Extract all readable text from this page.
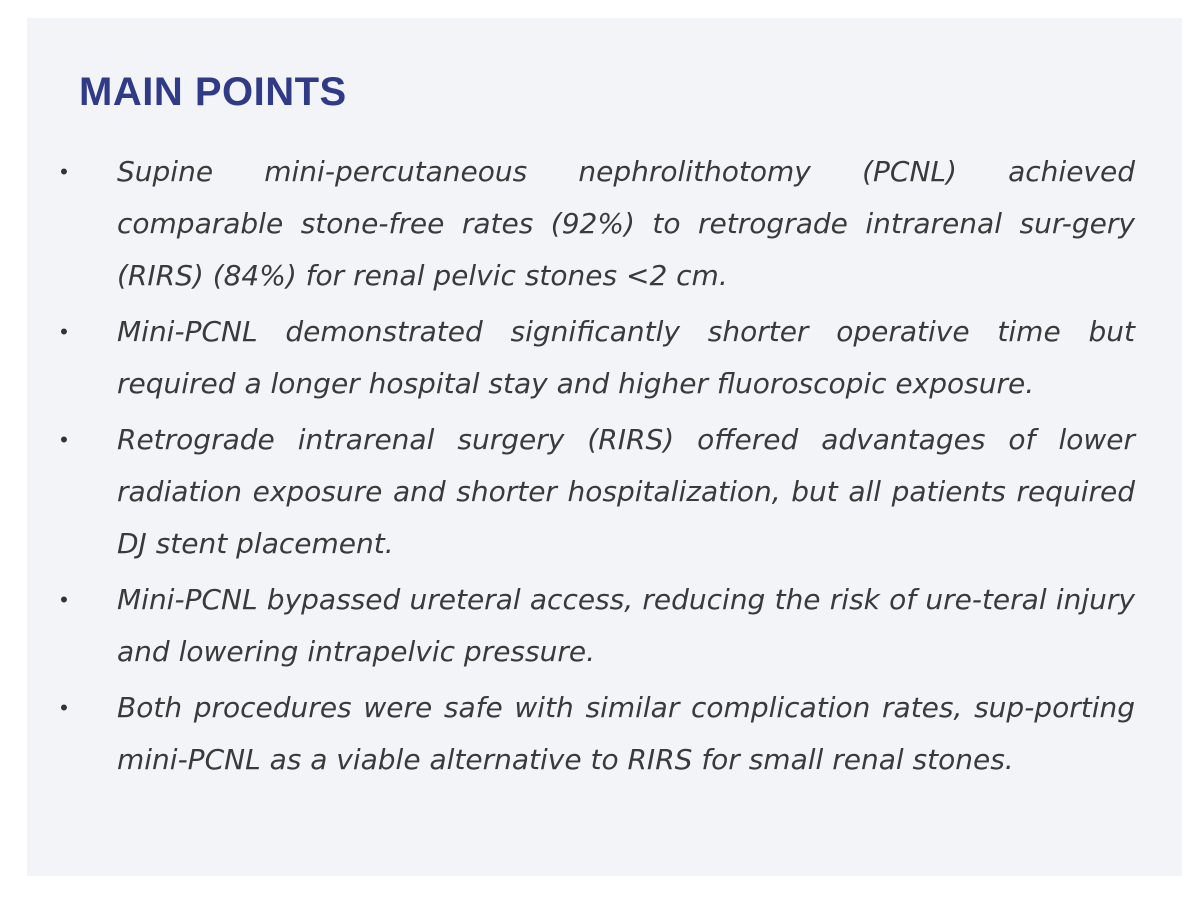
MAIN POINTS
• Supine mini-percutaneous nephrolithotomy (PCNL) achieved comparable stone-free rates (92%) to retrograde intrarenal sur-gery (RIRS) (84%) for renal pelvic stones <2 cm.
• Mini-PCNL demonstrated significantly shorter operative time but required a longer hospital stay and higher fluoroscopic exposure.
• Retrograde intrarenal surgery (RIRS) offered advantages of lower radiation exposure and shorter hospitalization, but all patients required DJ stent placement.
• Mini-PCNL bypassed ureteral access, reducing the risk of ure-teral injury and lowering intrapelvic pressure.
• Both procedures were safe with similar complication rates, sup-porting mini-PCNL as a viable alternative to RIRS for small renal stones.
